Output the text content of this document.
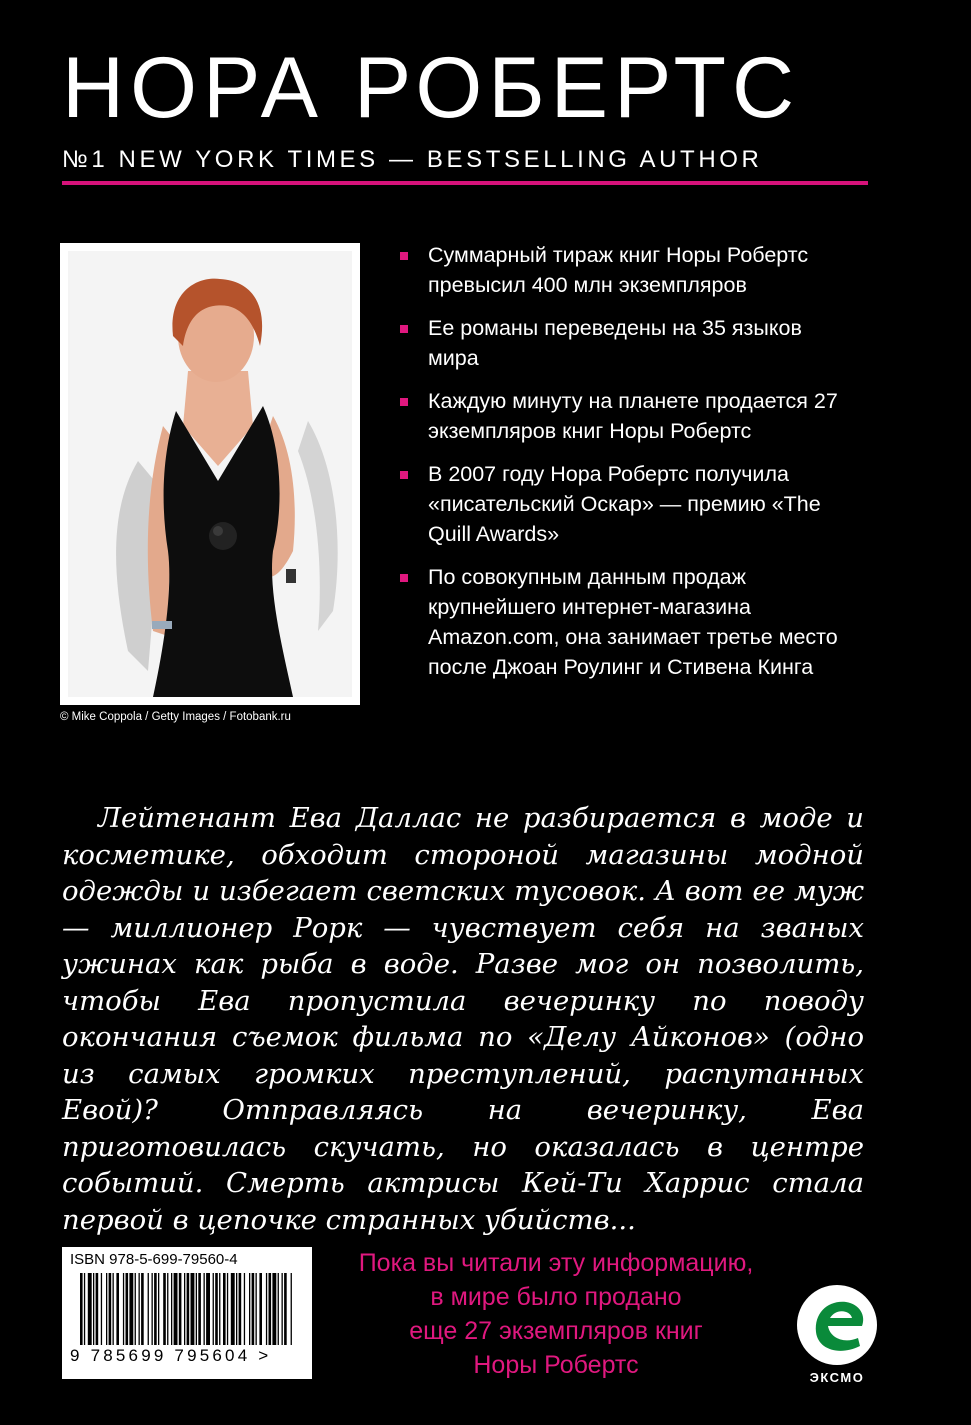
НОРА РОБЕРТС
№1 NEW YORK TIMES — BESTSELLING AUTHOR
© Mike Coppola / Getty Images / Fotobank.ru
Суммарный тираж книг Норы Робертс превысил 400 млн экземпляров
Ее романы переведены на 35 языков мира
Каждую минуту на планете продается 27 экземпляров книг Норы Робертс
В 2007 году Нора Робертс получила «писательский Оскар» — премию «The Quill Awards»
По совокупным данным продаж крупнейшего интернет-магазина Amazon.com, она занимает третье место после Джоан Роулинг и Стивена Кинга

Лейтенант Ева Даллас не разбирается в моде и косметике, обходит стороной магазины модной одежды и избегает светских тусовок. А вот ее муж — миллионер Рорк — чувствует себя на званых ужинах как рыба в воде. Разве мог он позволить, чтобы Ева пропустила вечеринку по поводу окончания съемок фильма по «Делу Айконов» (одно из самых громких преступлений, распутанных Евой)? Отправляясь на вечеринку, Ева приготовилась скучать, но оказалась в центре событий. Смерть актрисы Кей-Ти Харрис стала первой в цепочке странных убийств...

ISBN 978-5-699-79560-4
9 785699 795604 >
Пока вы читали эту информацию,
в мире было продано
еще 27 экземпляров книг
Норы Робертс	ЭКСМО
